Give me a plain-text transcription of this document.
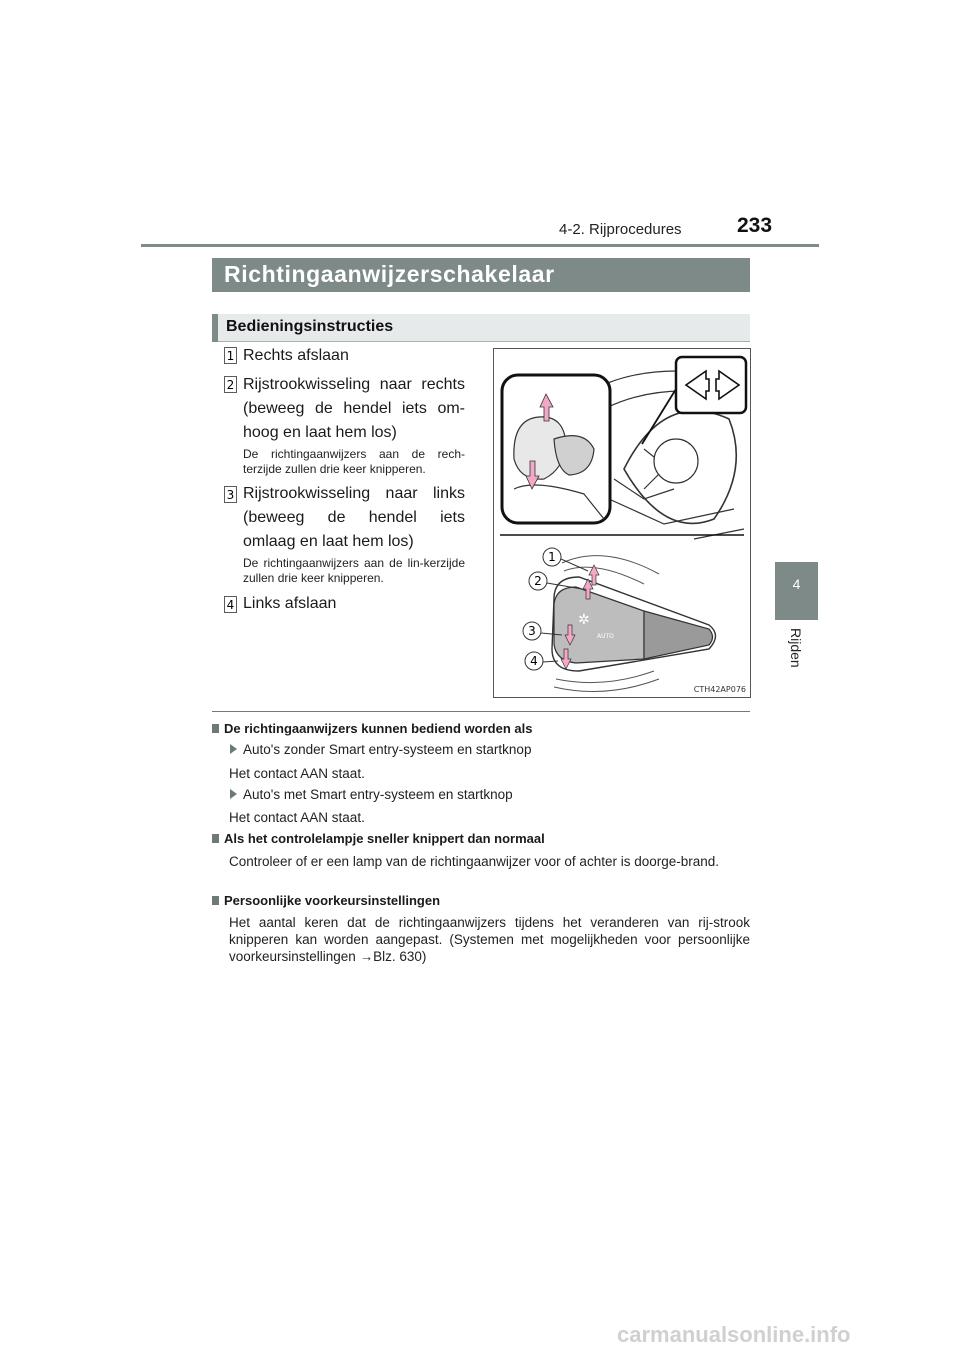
4-2. Rijprocedures	233
4
Rijden
Richtingaanwijzerschakelaar
Bedieningsinstructies
1 Rechts afslaan
2 Rijstrookwisseling naar rechts (beweeg de hendel iets om-hoog en laat hem los)
De richtingaanwijzers aan de rech-terzijde zullen drie keer knipperen.
3 Rijstrookwisseling naar links (beweeg de hendel iets omlaag en laat hem los)
De richtingaanwijzers aan de lin-kerzijde zullen drie keer knipperen.
4 Links afslaan
✲
AUTO
1
2
3
4
CTH42AP076
De richtingaanwijzers kunnen bediend worden als
Auto's zonder Smart entry-systeem en startknop
Het contact AAN staat.
Auto's met Smart entry-systeem en startknop
Het contact AAN staat.
Als het controlelampje sneller knippert dan normaal
Controleer of er een lamp van de richtingaanwijzer voor of achter is doorge-brand.
Persoonlijke voorkeursinstellingen
Het aantal keren dat de richtingaanwijzers tijdens het veranderen van rij-strook knipperen kan worden aangepast. (Systemen met mogelijkheden voor persoonlijke voorkeursinstellingen →Blz. 630)
carmanualsonline.info
